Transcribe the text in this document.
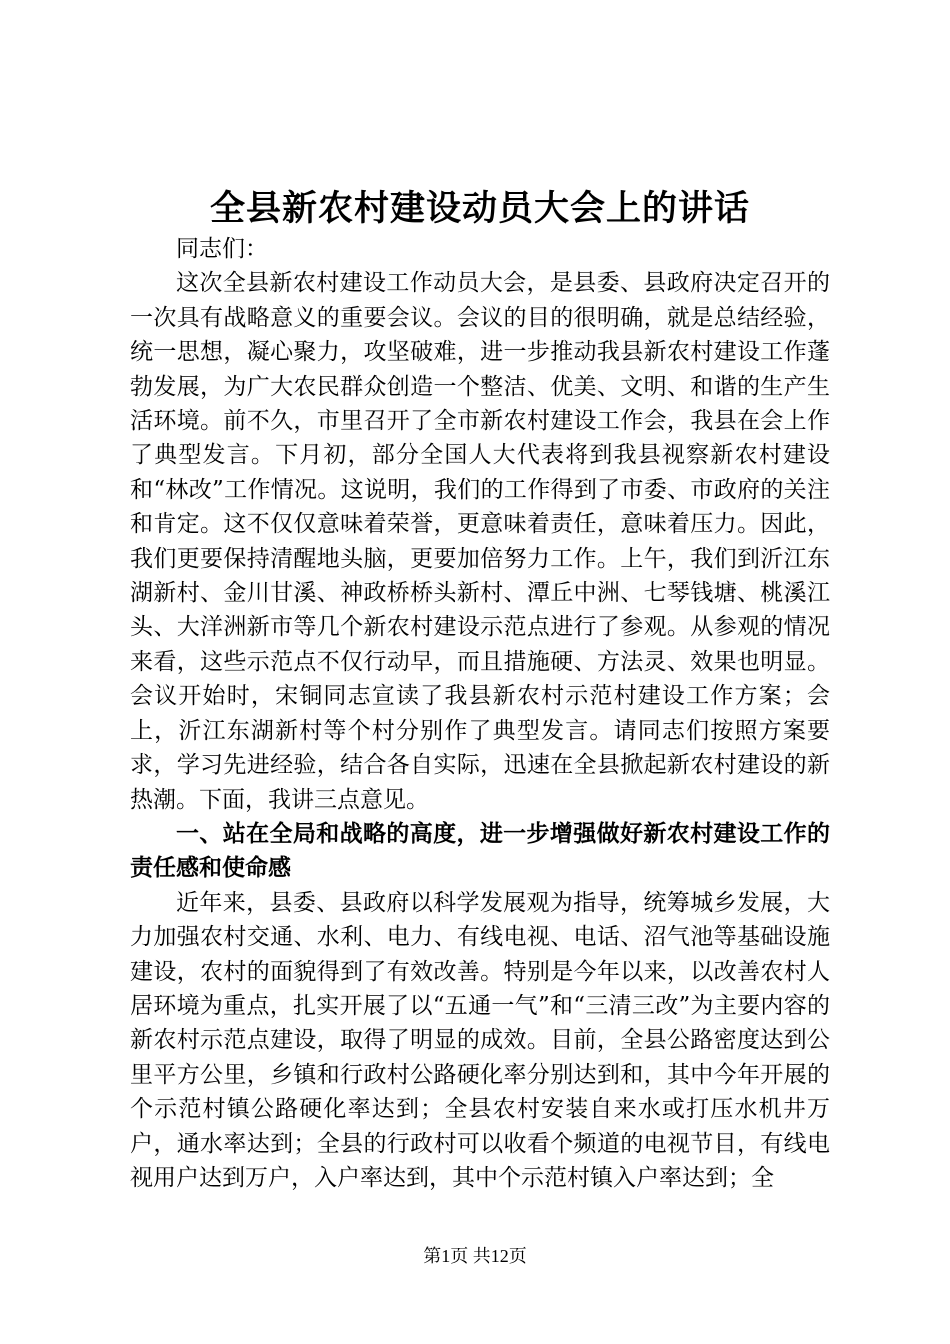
全县新农村建设动员大会上的讲话

同志们：

这次全县新农村建设工作动员大会，是县委、县政府决定召开的一次具有战略意义的重要会议。会议的目的很明确，就是总结经验，统一思想，凝心聚力，攻坚破难，进一步推动我县新农村建设工作蓬勃发展，为广大农民群众创造一个整洁、优美、文明、和谐的生产生活环境。前不久，市里召开了全市新农村建设工作会，我县在会上作了典型发言。下月初，部分全国人大代表将到我县视察新农村建设和“林改”工作情况。这说明，我们的工作得到了市委、市政府的关注和肯定。这不仅仅意味着荣誉，更意味着责任，意味着压力。因此，我们更要保持清醒地头脑，更要加倍努力工作。上午，我们到沂江东湖新村、金川甘溪、神政桥桥头新村、潭丘中洲、七琴钱塘、桃溪江头、大洋洲新市等几个新农村建设示范点进行了参观。从参观的情况来看，这些示范点不仅行动早，而且措施硬、方法灵、效果也明显。会议开始时，宋铜同志宣读了我县新农村示范村建设工作方案；会上，沂江东湖新村等个村分别作了典型发言。请同志们按照方案要求，学习先进经验，结合各自实际，迅速在全县掀起新农村建设的新热潮。下面，我讲三点意见。

一、站在全局和战略的高度，进一步增强做好新农村建设工作的责任感和使命感

近年来，县委、县政府以科学发展观为指导，统筹城乡发展，大力加强农村交通、水利、电力、有线电视、电话、沼气池等基础设施建设，农村的面貌得到了有效改善。特别是今年以来，以改善农村人居环境为重点，扎实开展了以“五通一气”和“三清三改”为主要内容的新农村示范点建设，取得了明显的成效。目前，全县公路密度达到公里平方公里，乡镇和行政村公路硬化率分别达到和，其中今年开展的个示范村镇公路硬化率达到；全县农村安装自来水或打压水机井万户，通水率达到；全县的行政村可以收看个频道的电视节目，有线电视用户达到万户，入户率达到，其中个示范村镇入户率达到；全

第1页 共12页
